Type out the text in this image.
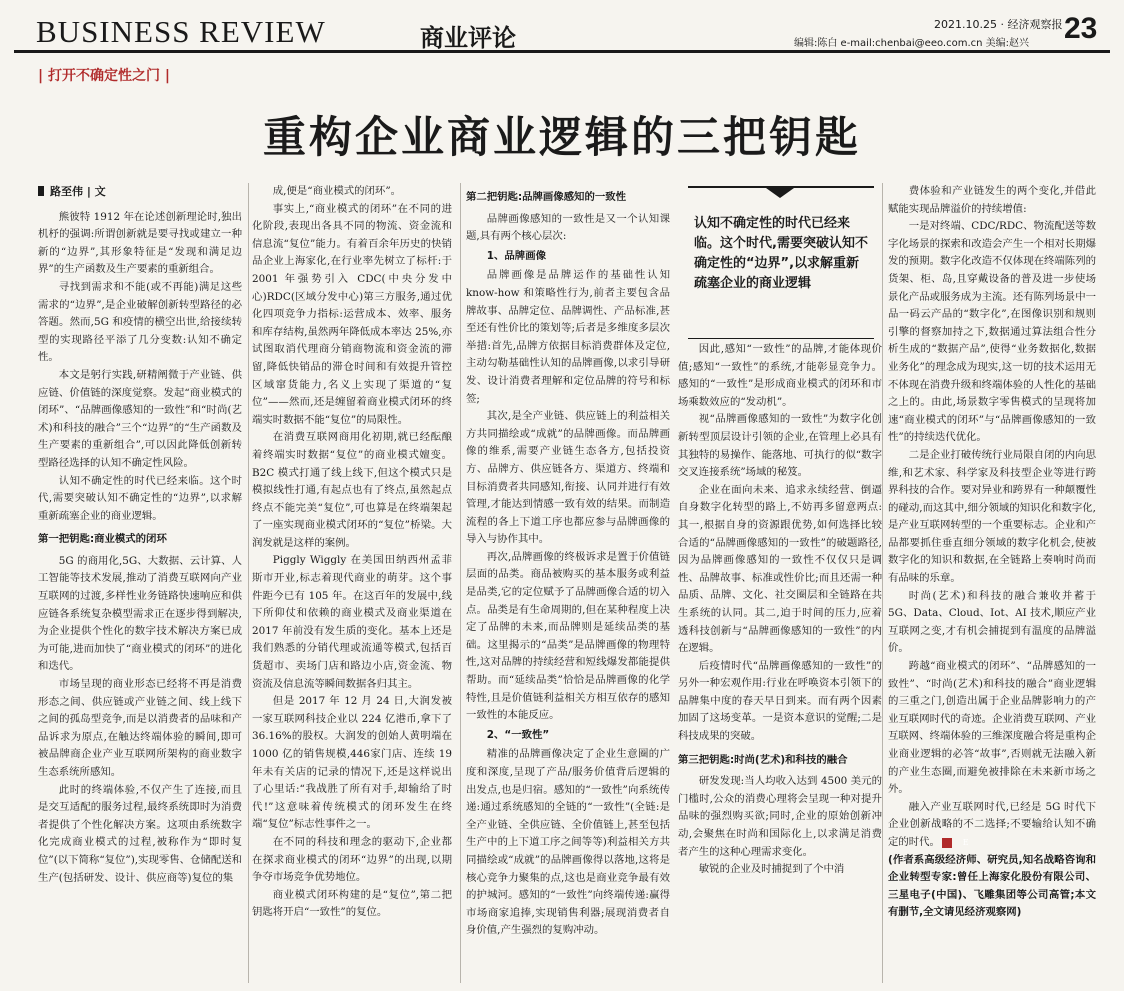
BUSINESS REVIEW	商业评论	2021.10.25 · 经济观察报
编辑:陈白 e-mail:chenbai@eeo.com.cn 美编:赵兴 23
| 打开不确定性之门 |
重构企业商业逻辑的三把钥匙

路至伟 | 文

熊彼特 1912 年在论述创新理论时,独出机杼的强调:所谓创新就是要寻找或建立一种新的“边界”,其形象特征是“发现和满足边界”的生产函数及生产要素的重新组合。

寻找到需求和不能(或不再能)满足这些需求的“边界”,是企业破解创新转型路径的必答题。然而,5G 和疫情的横空出世,给接续转型的实现路径平添了几分变数:认知不确定性。

本文是躬行实践,研精阐微于产业链、供应链、价值链的深度觉察。发起“商业模式的闭环”、“品牌画像感知的一致性”和“时尚(艺术)和科技的融合”三个“边界”的“生产函数及生产要素的重新组合”,可以因此降低创新转型路径选择的认知不确定性风险。

认知不确定性的时代已经来临。这个时代,需要突破认知不确定性的“边界”,以求解重新疏塞企业的商业逻辑。

第一把钥匙:商业模式的闭环

5G 的商用化,5G、大数据、云计算、人工智能等技术发展,推动了消费互联网向产业互联网的过渡,多样性业务链路快速响应和供应链各系统复杂模型需求正在逐步得到解决,为企业提供个性化的数字技术解决方案已成为可能,进而加快了“商业模式的闭环”的进化和迭代。

市场呈现的商业形态已经将不再是消费形态之间、供应链或产业链之间、线上线下之间的孤岛型竞争,而是以消费者的品味和产品诉求为原点,在触达终端体验的瞬间,即可被品牌商企业产业互联网所架构的商业数字生态系统所感知。

此时的终端体验,不仅产生了连接,而且是交互适配的服务过程,最终系统即时为消费者提供了个性化解决方案。这项由系统数字化完成商业模式的过程,被称作为“即时复位”(以下简称“复位”),实现零售、仓储配送和生产(包括研发、设计、供应商等)复位的集

成,便是“商业模式的闭环”。

事实上,“商业模式的闭环”在不同的进化阶段,表现出各具不同的物流、资金流和信息流“复位”能力。有着百余年历史的快销品企业上海家化,在行业率先树立了标杆:于 2001 年强势引入 CDC(中央分发中心)RDC(区域分发中心)第三方服务,通过优化四项竞争力指标:运营成本、效率、服务和库存结构,虽然两年降低成本率达 25%,亦试图取消代理商分销商物流和资金流的滞留,降低快销品的滞仓时间和有效提升管控区域窜货能力,名义上实现了渠道的“复位”——然而,还是缠留着商业模式闭环的终端实时数据不能“复位”的局限性。

在消费互联网商用化初期,就已经酝酿着终端实时数据“复位”的商业模式嬗变。B2C 模式打通了线上线下,但这个模式只是模拟线性打通,有起点也有了终点,虽然起点终点不能完美“复位”,可也算是在终端架起了一座实现商业模式闭环的“复位”桥梁。大润发就是这样的案例。

Piggly Wiggly 在美国田纳西州孟菲斯市开业,标志着现代商业的萌芽。这个事件距今已有 105 年。在这百年的发展中,线下所仰仗和依赖的商业模式及商业渠道在 2017 年前没有发生质的变化。基本上还是我们熟悉的分销代理或流通等模式,包括百货超市、卖场门店和路边小店,资金流、物资流及信息流等瞬间数据各归其主。

但是 2017 年 12 月 24 日,大润发被一家互联网科技企业以 224 亿港币,拿下了 36.16%的股权。大润发的创始人黄明端在 1000 亿的销售规模,446家门店、连续 19 年未有关店的记录的情况下,还是这样说出了心里话:“我战胜了所有对手,却输给了时代!”这意味着传统模式的闭环发生在终端“复位”标志性事件之一。

在不同的科技和理念的驱动下,企业都在探求商业模式的闭环“边界”的出现,以期争夺市场竞争优势地位。

商业模式闭环构建的是“复位”,第二把钥匙将开启“一致性”的复位。

第二把钥匙:品牌画像感知的一致性

品牌画像感知的一致性是又一个认知课题,具有两个核心层次:

1、品牌画像

品牌画像是品牌运作的基础性认知 know-how 和策略性行为,前者主要包含品牌故事、品牌定位、品牌调性、产品标准,甚至还有性价比的策划等;后者是多维度多层次举措:首先,品牌方依据目标消费群体及定位,主动勾勒基础性认知的品牌画像,以求引导研发、设计消费者理解和定位品牌的符号和标签;

其次,是全产业链、供应链上的利益相关方共同描绘或“成就”的品牌画像。而品牌画像的维系,需要产业链生态各方,包括投资方、品牌方、供应链各方、渠道方、终端和目标消费者共同感知,衔接、认同并进行有效管理,才能达到情感一致有效的结果。而制造流程的各上下道工序也都应参与品牌画像的导入与协作其中。

再次,品牌画像的终极诉求是置于价值链层面的品类。商品被购买的基本服务或利益是品类,它的定位赋予了品牌画像合适的切入点。品类是有生命周期的,但在某种程度上决定了品牌的未来,而品牌则是延续品类的基础。这里揭示的“品类”是品牌画像的物理特性,这对品牌的持续经营和短线爆发都能提供帮助。而“延续品类”恰恰是品牌画像的化学特性,且是价值链利益相关方相互依存的感知一致性的本能反应。

2、“一致性”

精准的品牌画像决定了企业生意圈的广度和深度,呈现了产品/服务价值背后逻辑的出发点,也是归宿。感知的“一致性”向系统传递:通过系统感知的全链的“一致性”(全链:是全产业链、全供应链、全价值链上,甚至包括生产中的上下道工序之间等等)利益相关方共同描绘或“成就”的品牌画像得以落地,这将是核心竞争力聚集的点,这也是商业竞争最有效的护城河。感知的“一致性”向终端传递:赢得市场商家追捧,实现销售利器;展现消费者自身价值,产生强烈的复购冲动。

认知不确定性的时代已经来临。这个时代,需要突破认知不确定性的“边界”,以求解重新疏塞企业的商业逻辑

因此,感知“一致性”的品牌,才能体现价值;感知“一致性”的系统,才能彰显竞争力。感知的“一致性”是形成商业模式的闭环和市场乘数效应的“发动机”。

视“品牌画像感知的一致性”为数字化创新转型顶层设计引领的企业,在管理上必具有其独特的易操作、能落地、可执行的似“数字交叉连接系统”场域的秘笈。

企业在面向未来、追求永续经营、倒逼自身数字化转型的路上,不妨再多留意两点:其一,根据自身的资源跟优势,如何选择比较合适的“品牌画像感知的一致性”的破题路径,因为品牌画像感知的一致性不仅仅只是调性、品牌故事、标准或性价比;而且还需一种品质、品牌、文化、社交圈层和全链路在共生系统的认同。其二,迫于时间的压力,应着透科技创新与“品牌画像感知的一致性”的内在逻辑。

后疫情时代“品牌画像感知的一致性”的另外一种宏观作用:行业在呼唤资本引领下的品牌集中度的春天早日到来。而有两个因素加固了这场变革。一是资本意识的觉醒;二是科技成果的突破。

第三把钥匙:时尚(艺术)和科技的融合

研发发现:当人均收入达到 4500 美元的门槛时,公众的消费心理将会呈现一种对提升品味的强烈购买欲;同时,企业的原始创新冲动,会聚焦在时尚和国际化上,以求满足消费者产生的这种心理需求变化。

敏锐的企业及时捕捉到了个中消

费体验和产业链发生的两个变化,并借此赋能实现品牌溢价的持续增值:

一是对终端、CDC/RDC、物流配送等数字化场景的探索和改造会产生一个相对长期爆发的预期。数字化改造不仅体现在终端陈列的货架、柜、岛,且穿戴设备的普及进一步使场景化产品或服务成为主流。还有陈列场景中一品一码云产品的“数字化”,在图像识别和规则引擎的督察加持之下,数据通过算法组合性分析生成的“数据产品”,使得“业务数据化,数据业务化”的理念成为现实,这一切的技术运用无不体现在消费升级和终端体验的人性化的基础之上的。由此,场景数字零售模式的呈现将加速“商业模式的闭环”与“品牌画像感知的一致性”的持续迭代优化。

二是企业打破传统行业局限自闭的内向思维,和艺术家、科学家及科技型企业等进行跨界科技的合作。要对异业和跨界有一种颠覆性的碰动,而这其中,细分领域的知识化和数字化,是产业互联网转型的一个重要标志。企业和产品都要抓住垂直细分领域的数字化机会,使被数字化的知识和数据,在全链路上奏响时尚而有品味的乐章。

时尚(艺术)和科技的融合兼收并蓄于 5G、Data、Cloud、Iot、AI 技术,顺应产业互联网之变,才有机会捕捉到有温度的品牌溢价。

跨越“商业模式的闭环”、“品牌感知的一致性”、“时尚(艺术)和科技的融合”商业逻辑的三重之门,创造出属于企业品牌影响力的产业互联网时代的奇迹。企业消费互联网、产业互联网、终端体验的三维深度融合将是重构企业商业逻辑的必答“故事”,否则就无法融入新的产业生态圈,而避免被排除在未来新市场之外。

融入产业互联网时代,已经是 5G 时代下企业创新战略的不二选择;不要输给认知不确定的时代。	E

(作者系高级经济师、研究员,知名战略咨询和企业转型专家:曾任上海家化股份有限公司、三星电子(中国)、飞雕集团等公司高管;本文有删节,全文请见经济观察网)
